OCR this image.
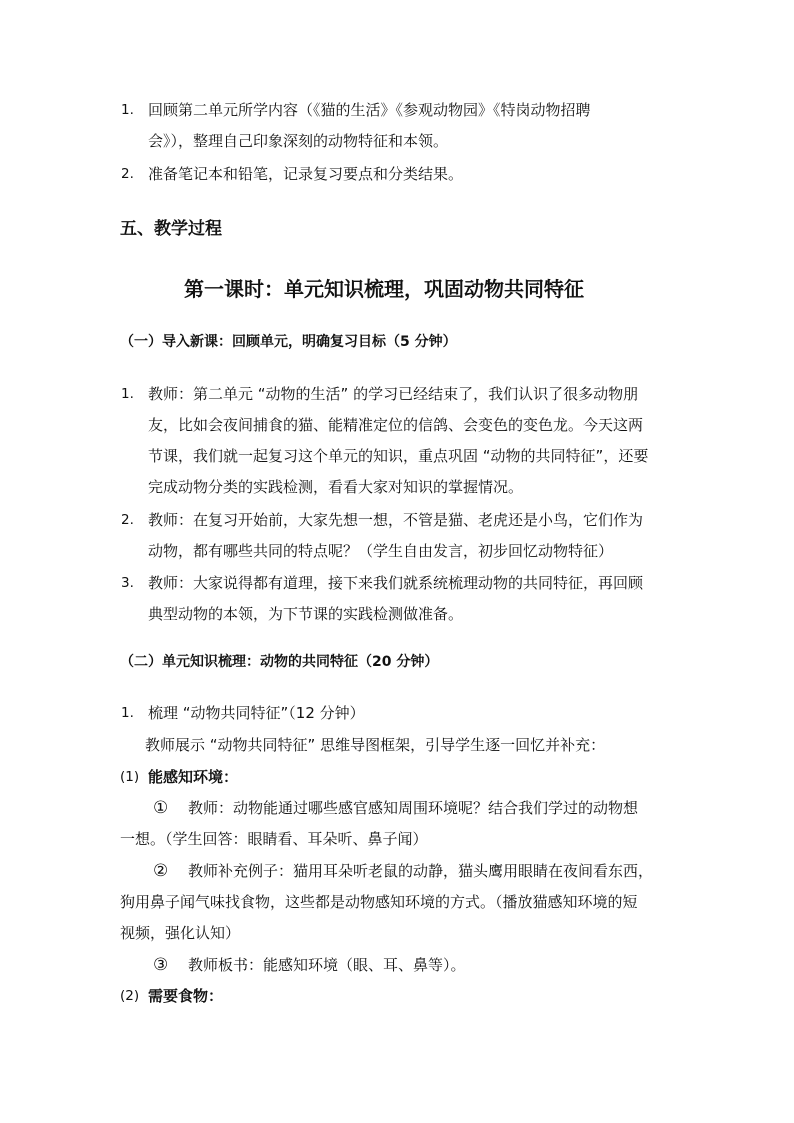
1. 回顾第二单元所学内容（《猫的生活》《参观动物园》《特岗动物招聘
会》），整理自己印象深刻的动物特征和本领。
2. 准备笔记本和铅笔，记录复习要点和分类结果。
五、教学过程
第一课时：单元知识梳理，巩固动物共同特征
（一）导入新课：回顾单元，明确复习目标（5 分钟）
1. 教师：第二单元 “动物的生活” 的学习已经结束了，我们认识了很多动物朋
友，比如会夜间捕食的猫、能精准定位的信鸽、会变色的变色龙。今天这两
节课，我们就一起复习这个单元的知识，重点巩固 “动物的共同特征”，还要
完成动物分类的实践检测，看看大家对知识的掌握情况。
2. 教师：在复习开始前，大家先想一想，不管是猫、老虎还是小鸟，它们作为
动物，都有哪些共同的特点呢？（学生自由发言，初步回忆动物特征）
3. 教师：大家说得都有道理，接下来我们就系统梳理动物的共同特征，再回顾
典型动物的本领，为下节课的实践检测做准备。
（二）单元知识梳理：动物的共同特征（20 分钟）
1. 梳理 “动物共同特征”（12 分钟）
教师展示 “动物共同特征” 思维导图框架，引导学生逐一回忆并补充：
(1) 能感知环境：
① 教师：动物能通过哪些感官感知周围环境呢？结合我们学过的动物想
一想。（学生回答：眼睛看、耳朵听、鼻子闻）
② 教师补充例子：猫用耳朵听老鼠的动静，猫头鹰用眼睛在夜间看东西，
狗用鼻子闻气味找食物，这些都是动物感知环境的方式。（播放猫感知环境的短
视频，强化认知）
③ 教师板书：能感知环境（眼、耳、鼻等）。
(2) 需要食物：
